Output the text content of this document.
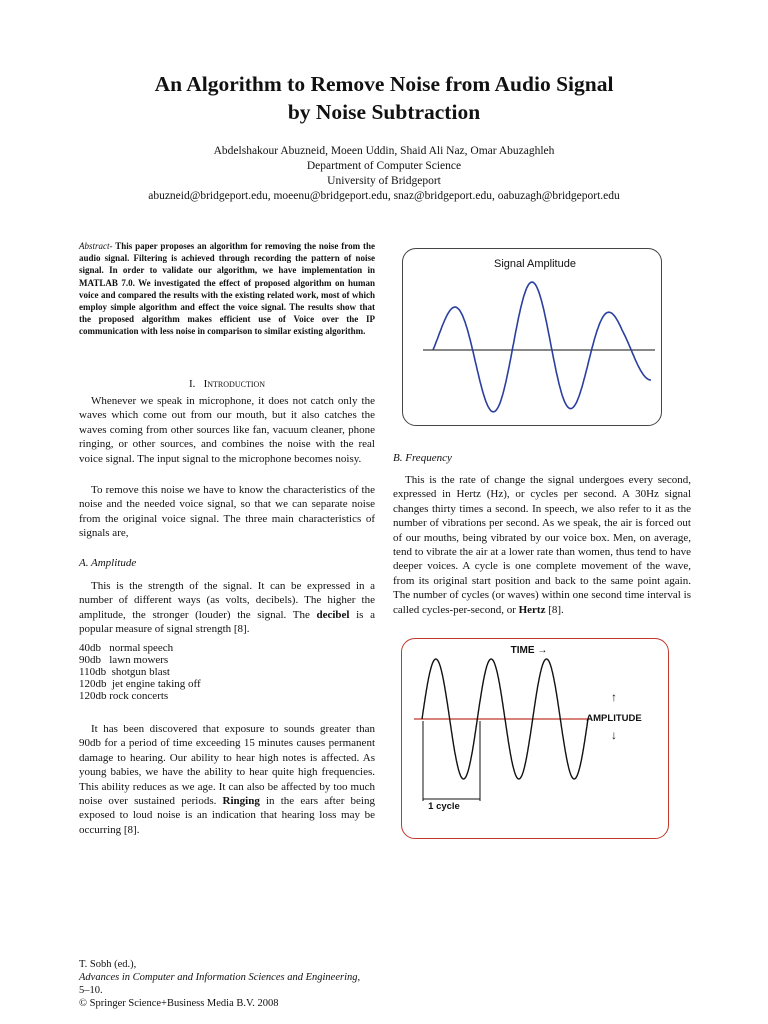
An Algorithm to Remove Noise from Audio Signal
by Noise Subtraction
Abdelshakour Abuzneid, Moeen Uddin, Shaid Ali Naz, Omar Abuzaghleh
Department of Computer Science
University of Bridgeport
abuzneid@bridgeport.edu, moeenu@bridgeport.edu, snaz@bridgeport.edu, oabuzagh@bridgeport.edu

Abstract- This paper proposes an algorithm for removing the noise from the audio signal. Filtering is achieved through recording the pattern of noise signal. In order to validate our algorithm, we have implementation in MATLAB 7.0. We investigated the effect of proposed algorithm on human voice and compared the results with the existing related work, most of which employ simple algorithm and effect the voice signal. The results show that the proposed algorithm makes efficient use of Voice over the IP communication with less noise in comparison to similar existing algorithm.

I. Introduction

Whenever we speak in microphone, it does not catch only the waves which come out from our mouth, but it also catches the waves coming from other sources like fan, vacuum cleaner, phone ringing, or other sources, and combines the noise with the real voice signal. The input signal to the microphone becomes noisy.

To remove this noise we have to know the characteristics of the noise and the needed voice signal, so that we can separate noise from the original voice signal. The three main characteristics of signals are,

A. Amplitude

This is the strength of the signal. It can be expressed in a number of different ways (as volts, decibels). The higher the amplitude, the stronger (louder) the signal. The decibel is a popular measure of signal strength [8].

40db   normal speech
90db   lawn mowers
110db  shotgun blast
120db  jet engine taking off
120db rock concerts

It has been discovered that exposure to sounds greater than 90db for a period of time exceeding 15 minutes causes permanent damage to hearing. Our ability to hear high notes is affected. As young babies, we have the ability to hear quite high frequencies. This ability reduces as we age. It can also be affected by too much noise over sustained periods. Ringing in the ears after being exposed to loud noise is an indication that hearing loss may be occurring [8].

Signal Amplitude
B. Frequency

This is the rate of change the signal undergoes every second, expressed in Hertz (Hz), or cycles per second. A 30Hz signal changes thirty times a second. In speech, we also refer to it as the number of vibrations per second. As we speak, the air is forced out of our mouths, being vibrated by our voice box. Men, on average, tend to vibrate the air at a lower rate than women, thus tend to have deeper voices. A cycle is one complete movement of the wave, from its original start position and back to the same point again. The number of cycles (or waves) within one second time interval is called cycles-per-second, or Hertz [8].

TIME →
↑
AMPLITUDE
↓
1 cycle
T. Sobh (ed.),
Advances in Computer and Information Sciences and Engineering,
5–10.
© Springer Science+Business Media B.V. 2008
